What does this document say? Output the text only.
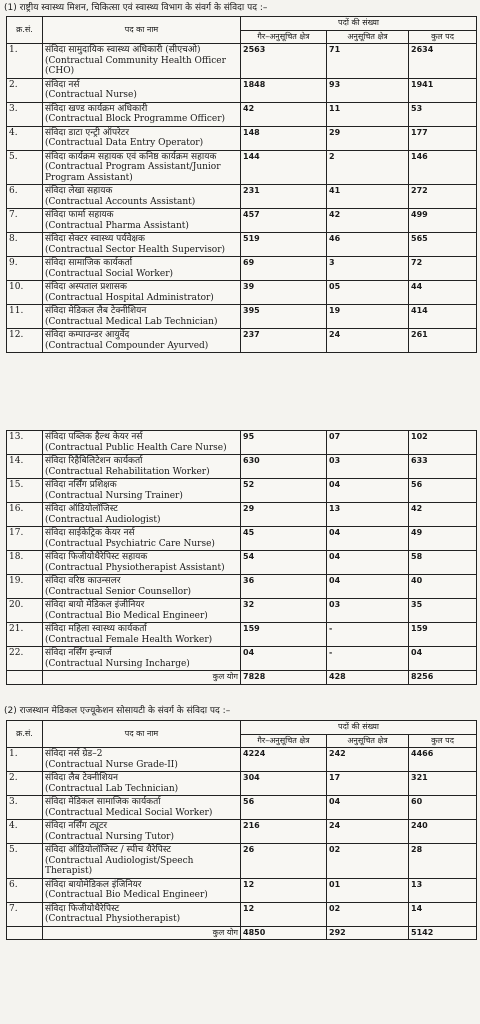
(1) राष्ट्रीय स्वास्थ्य मिशन, चिकित्सा एवं स्वास्थ्य विभाग के संवर्ग के संविदा पद :–
क्र.सं.	पद का नाम	पदों की संख्या		
		गैर–अनुसूचित क्षेत्र	अनुसूचित क्षेत्र	कुल पद
1.	संविदा सामुदायिक स्वास्थ्य अधिकारी (सीएचओ)
(Contractual Community Health Officer (CHO)	2563	71	2634
2.	संविदा नर्स
(Contractual Nurse)	1848	93	1941
3.	संविदा खण्ड कार्यक्रम अधिकारी
(Contractual Block Programme Officer)	42	11	53
4.	संविदा डाटा एन्ट्री ऑपरेटर
(Contractual Data Entry Operator)	148	29	177
5.	संविदा कार्यक्रम सहायक एवं कनिष्ठ कार्यक्रम सहायक
(Contractual Program Assistant/Junior Program Assistant)	144	2	146
6.	संविदा लेखा सहायक
(Contractual Accounts Assistant)	231	41	272
7.	संविदा फार्मा सहायक
(Contractual Pharma Assistant)	457	42	499
8.	संविदा सेक्टर स्वास्थ्य पर्यवेक्षक
(Contractual Sector Health Supervisor)	519	46	565
9.	संविदा सामाजिक कार्यकर्ता
(Contractual Social Worker)	69	3	72
10.	संविदा अस्पताल प्रशासक
(Contractual Hospital Administrator)	39	05	44
11.	संविदा मेडिकल लैब टेक्नीशियन
(Contractual Medical Lab Technician)	395	19	414
12.	संविदा कम्पाउन्डर आयुर्वेद
(Contractual Compounder Ayurved)	237	24	261
13.	संविदा पब्लिक हैल्थ केयर नर्स
(Contractual Public Health Care Nurse)	95	07	102
14.	संविदा रिहैबिलिटेशन कार्यकर्ता
(Contractual Rehabilitation Worker)	630	03	633
15.	संविदा नर्सिंग प्रशिक्षक
(Contractual Nursing Trainer)	52	04	56
16.	संविदा ऑडियोलॉजिस्ट
(Contractual Audiologist)	29	13	42
17.	संविदा साईकेट्रिक केयर नर्स
(Contractual Psychiatric Care Nurse)	45	04	49
18.	संविदा फिजीयोथैरेपिस्ट सहायक
(Contractual Physiotherapist Assistant)	54	04	58
19.	संविदा वरिष्ठ काउन्सलर
(Contractual Senior Counsellor)	36	04	40
20.	संविदा बायो मेडिकल इंजीनियर
(Contractual Bio Medical Engineer)	32	03	35
21.	संविदा महिला स्वास्थ्य कार्यकर्ता
(Contractual Female Health Worker)	159	-	159
22.	संविदा नर्सिंग इन्चार्ज
(Contractual Nursing Incharge)	04	-	04
	कुल योग	7828	428	8256
(2) राजस्थान मेडिकल एज्यूकेशन सोसायटी के संवर्ग के संविदा पद :–
क्र.सं.	पद का नाम	पदों की संख्या		
		गैर–अनुसूचित क्षेत्र	अनुसूचित क्षेत्र	कुल पद
1.	संविदा नर्स ग्रेड–2
(Contractual Nurse Grade-II)	4224	242	4466
2.	संविदा लैब टेक्नीशियन
(Contractual Lab Technician)	304	17	321
3.	संविदा मेडिकल सामाजिक कार्यकर्ता
(Contractual Medical Social Worker)	56	04	60
4.	संविदा नर्सिंग ट्यूटर
(Contractual Nursing Tutor)	216	24	240
5.	संविदा ऑडियोलॉजिस्ट / स्पीच थैरेपिस्ट
(Contractual Audiologist/Speech Therapist)	26	02	28
6.	संविदा बायोमेडिकल इंजिनियर
(Contractual Bio Medical Engineer)	12	01	13
7.	संविदा फिजीयोथैरेपिस्ट
(Contractual Physiotherapist)	12	02	14
	कुल योग	4850	292	5142
